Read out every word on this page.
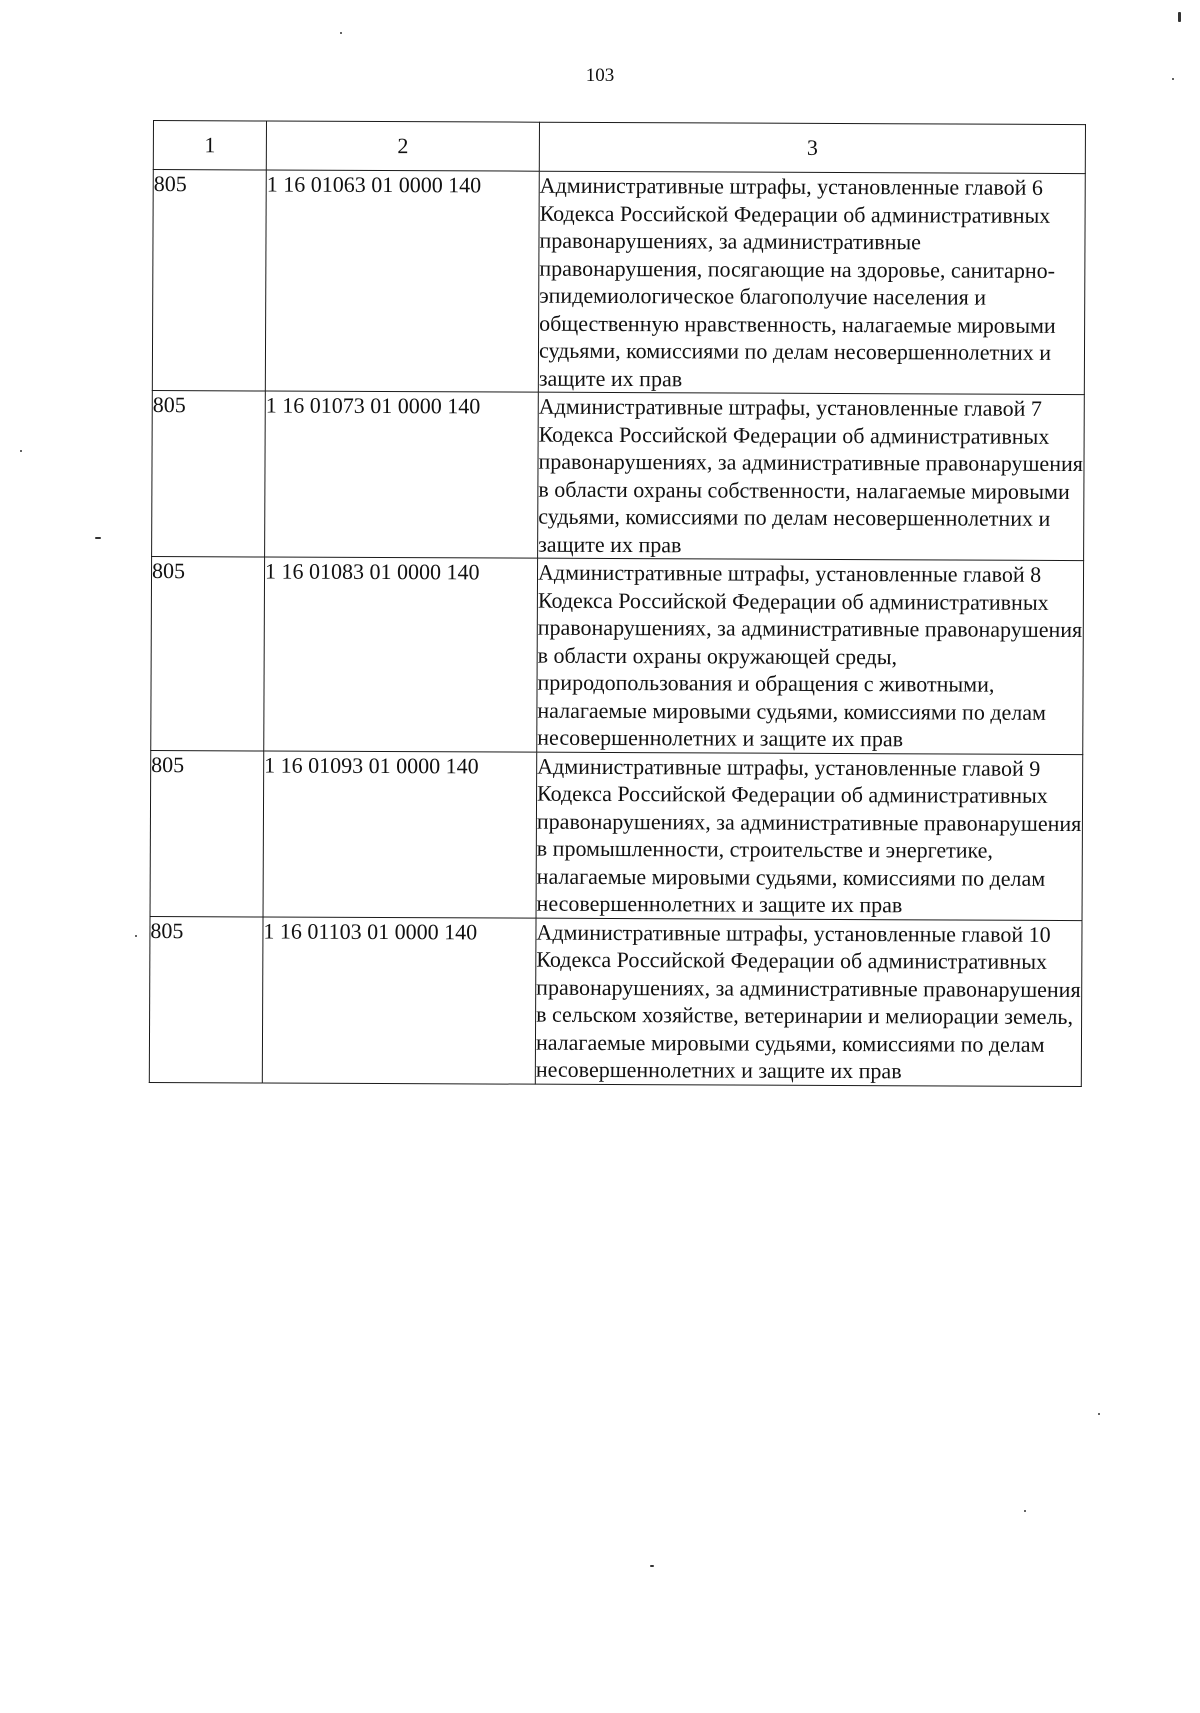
103
1	2	3
805	1 16 01063 01 0000 140	Административные штрафы, установленные главой 6 Кодекса Российской Федерации об административных правонарушениях, за административные правонарушения, посягающие на здоровье, санитарно-эпидемиологическое благополучие населения и общественную нравственность, налагаемые мировыми судьями, комиссиями по делам несовершеннолетних и защите их прав
805	1 16 01073 01 0000 140	Административные штрафы, установленные главой 7 Кодекса Российской Федерации об административных правонарушениях, за административные правонарушения в области охраны собственности, налагаемые мировыми судьями, комиссиями по делам несовершеннолетних и защите их прав
805	1 16 01083 01 0000 140	Административные штрафы, установленные главой 8 Кодекса Российской Федерации об административных правонарушениях, за административные правонарушения в области охраны окружающей среды, природопользования и обращения с животными, налагаемые мировыми судьями, комиссиями по делам несовершеннолетних и защите их прав
805	1 16 01093 01 0000 140	Административные штрафы, установленные главой 9 Кодекса Российской Федерации об административных правонарушениях, за административные правонарушения в промышленности, строительстве и энергетике, налагаемые мировыми судьями, комиссиями по делам несовершеннолетних и защите их прав
805	1 16 01103 01 0000 140	Административные штрафы, установленные главой 10 Кодекса Российской Федерации об административных правонарушениях, за административные правонарушения в сельском хозяйстве, ветеринарии и мелиорации земель, налагаемые мировыми судьями, комиссиями по делам несовершеннолетних и защите их прав
